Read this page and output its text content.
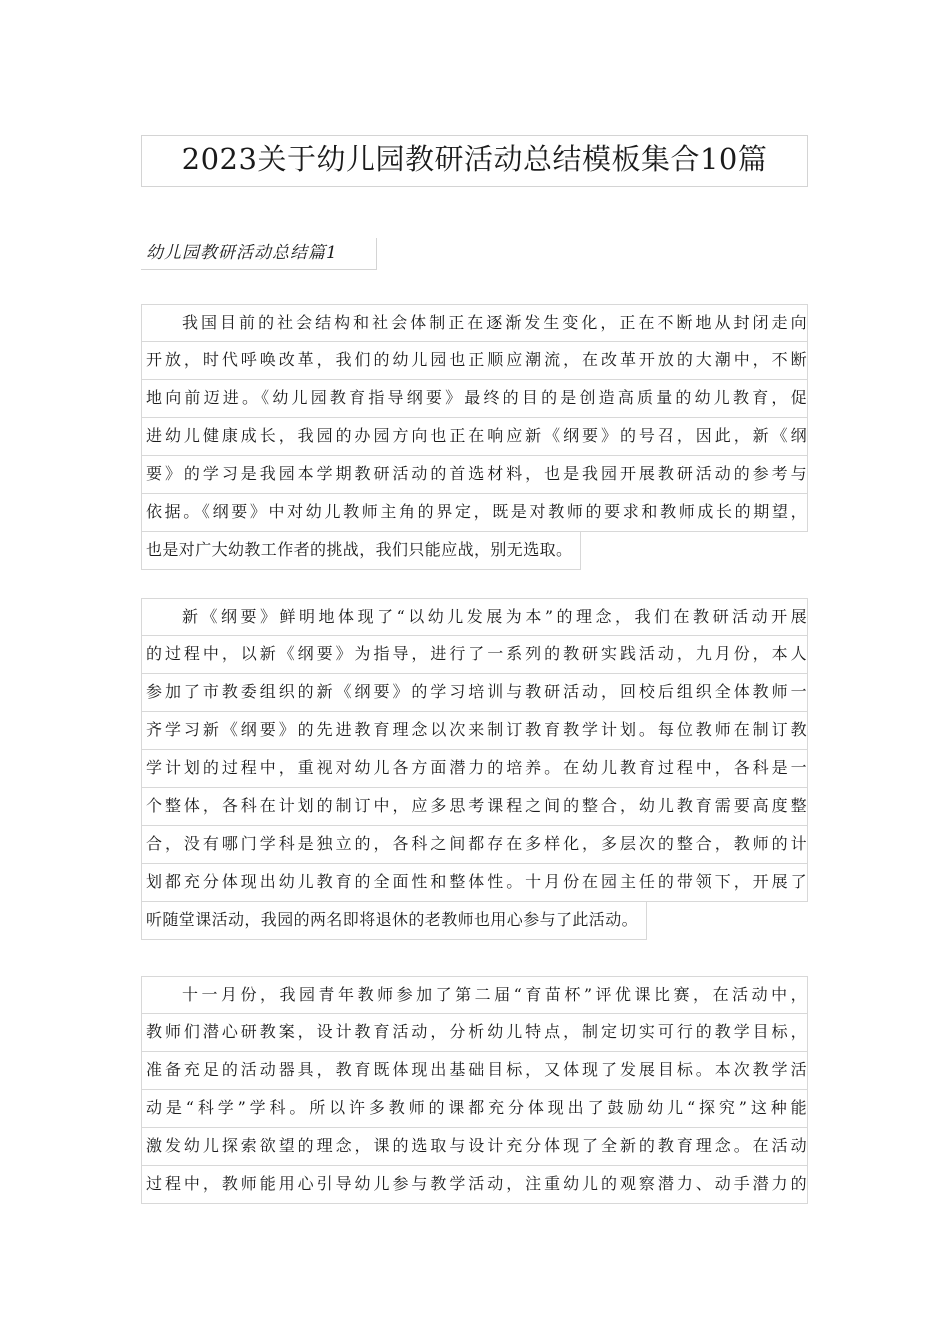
2023关于幼儿园教研活动总结模板集合10篇
幼儿园教研活动总结篇1
我国目前的社会结构和社会体制正在逐渐发生变化，正在不断地从封闭走向
开放，时代呼唤改革，我们的幼儿园也正顺应潮流，在改革开放的大潮中，不断
地向前迈进。《幼儿园教育指导纲要》最终的目的是创造高质量的幼儿教育，促
进幼儿健康成长，我园的办园方向也正在响应新《纲要》的号召，因此，新《纲
要》的学习是我园本学期教研活动的首选材料，也是我园开展教研活动的参考与
依据。《纲要》中对幼儿教师主角的界定，既是对教师的要求和教师成长的期望，
也是对广大幼教工作者的挑战，我们只能应战，别无选取。
新《纲要》鲜明地体现了“以幼儿发展为本”的理念，我们在教研活动开展
的过程中，以新《纲要》为指导，进行了一系列的教研实践活动，九月份，本人
参加了市教委组织的新《纲要》的学习培训与教研活动，回校后组织全体教师一
齐学习新《纲要》的先进教育理念以次来制订教育教学计划。每位教师在制订教
学计划的过程中，重视对幼儿各方面潜力的培养。在幼儿教育过程中，各科是一
个整体，各科在计划的制订中，应多思考课程之间的整合，幼儿教育需要高度整
合，没有哪门学科是独立的，各科之间都存在多样化，多层次的整合，教师的计
划都充分体现出幼儿教育的全面性和整体性。十月份在园主任的带领下，开展了
听随堂课活动，我园的两名即将退休的老教师也用心参与了此活动。
十一月份，我园青年教师参加了第二届“育苗杯”评优课比赛，在活动中，
教师们潜心研教案，设计教育活动，分析幼儿特点，制定切实可行的教学目标，
准备充足的活动器具，教育既体现出基础目标，又体现了发展目标。本次教学活
动是“科学”学科。所以许多教师的课都充分体现出了鼓励幼儿“探究”这种能
激发幼儿探索欲望的理念，课的选取与设计充分体现了全新的教育理念。在活动
过程中，教师能用心引导幼儿参与教学活动，注重幼儿的观察潜力、动手潜力的
